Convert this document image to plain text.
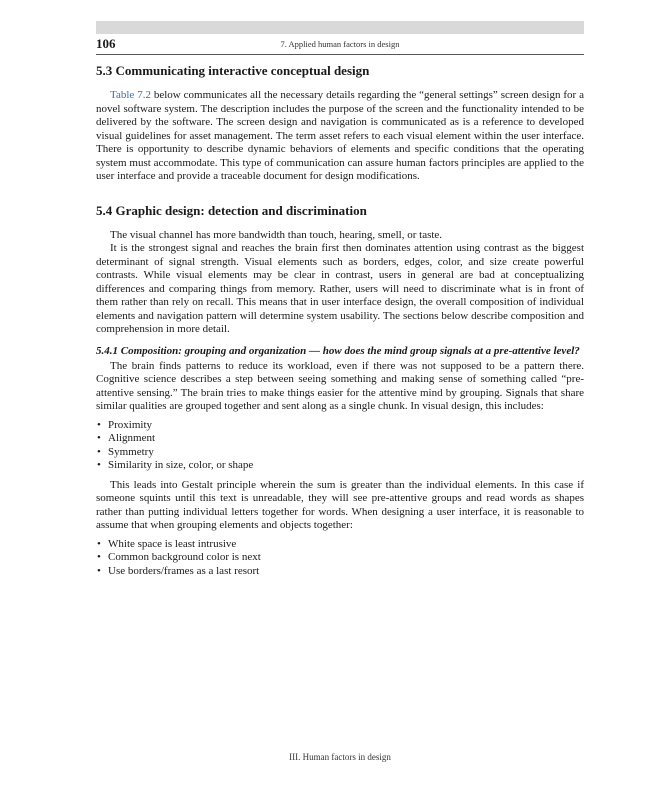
106	7. Applied human factors in design
5.3 Communicating interactive conceptual design

Table 7.2 below communicates all the necessary details regarding the “general settings” screen design for a novel software system. The description includes the purpose of the screen and the functionality intended to be delivered by the software. The screen design and navigation is communicated as is a reference to developed visual guidelines for asset management. The term asset refers to each visual element within the user interface. There is opportunity to describe dynamic behaviors of elements and specific conditions that the operating system must accommodate. This type of communication can assure human factors principles are applied to the user interface and provide a traceable document for design modifications.

5.4 Graphic design: detection and discrimination

The visual channel has more bandwidth than touch, hearing, smell, or taste.

It is the strongest signal and reaches the brain first then dominates attention using contrast as the biggest determinant of signal strength. Visual elements such as borders, edges, color, and size create powerful contrasts. While visual elements may be clear in contrast, users in general are bad at conceptualizing differences and comparing things from memory. Rather, users will need to discriminate what is in front of them rather than rely on recall. This means that in user interface design, the overall composition of individual elements and navigation pattern will determine system usability. The sections below describe composition and comprehension in more detail.

5.4.1 Composition: grouping and organization — how does the mind group signals at a pre-attentive level?

The brain finds patterns to reduce its workload, even if there was not supposed to be a pattern there. Cognitive science describes a step between seeing something and making sense of something called “pre-attentive sensing.” The brain tries to make things easier for the attentive mind by grouping. Signals that share similar qualities are grouped together and sent along as a single chunk. In visual design, this includes:

• Proximity
• Alignment
• Symmetry
• Similarity in size, color, or shape

This leads into Gestalt principle wherein the sum is greater than the individual elements. In this case if someone squints until this text is unreadable, they will see pre-attentive groups and read words as shapes rather than putting individual letters together for words. When designing a user interface, it is reasonable to assume that when grouping elements and objects together:

• White space is least intrusive
• Common background color is next
• Use borders/frames as a last resort
III. Human factors in design
